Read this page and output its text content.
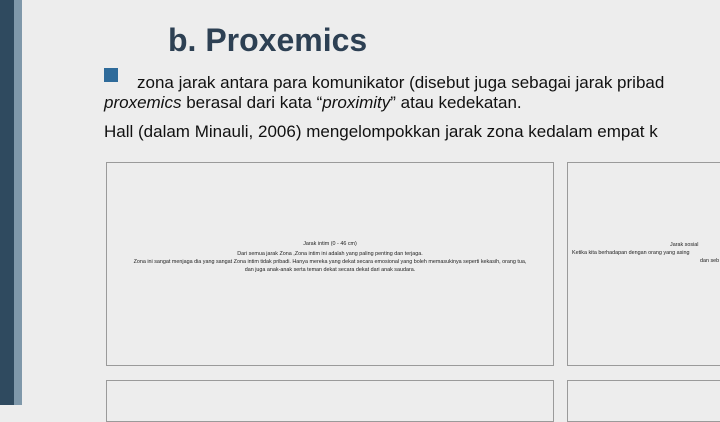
b. Proxemics
zona jarak antara para komunikator (disebut juga sebagai jarak pribad
proxemics berasal dari kata “proximity” atau kedekatan.
Hall (dalam Minauli, 2006) mengelompokkan jarak zona kedalam empat k
Jarak intim (0 - 46 cm)
Dari semua jarak Zona ,Zona intim ini adalah yang paling penting dan terjaga.
Zona ini sangat menjaga dia yang sangat Zona intim tidak pribadi. Hanya mereka yang dekat secara emosional yang boleh memasukinya seperti kekasih, orang tua,
dan juga anak-anak serta teman dekat secara dekat dari anak saudara.
Jarak sosial
Ketika kita berhadapan dengan orang yang asing
dan seb
